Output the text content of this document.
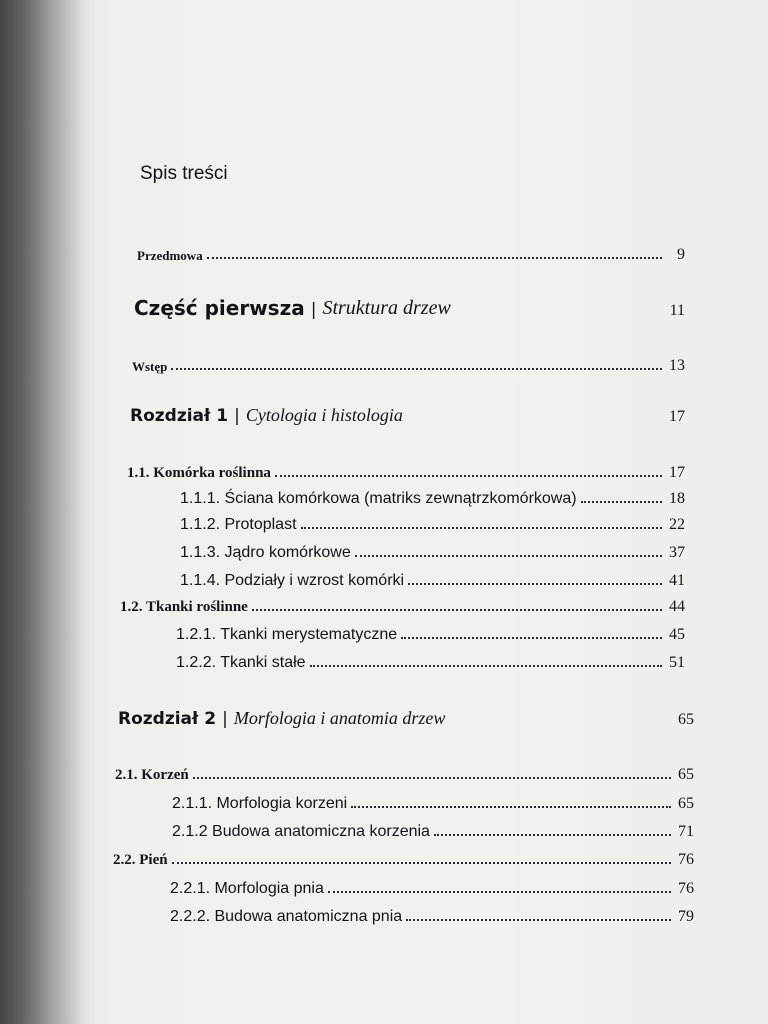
Spis treści
Przedmowa	9
Część pierwsza | Struktura drzew	11
Wstęp	13
Rozdział 1 | Cytologia i histologia	17
1.1. Komórka roślinna	17
1.1.1. Ściana komórkowa (matriks zewnątrzkomórkowa)	18
1.1.2. Protoplast	22
1.1.3. Jądro komórkowe	37
1.1.4. Podziały i wzrost komórki	41
1.2. Tkanki roślinne	44
1.2.1. Tkanki merystematyczne	45
1.2.2. Tkanki stałe	51
Rozdział 2 | Morfologia i anatomia drzew	65
2.1. Korzeń	65
2.1.1. Morfologia korzeni	65
2.1.2 Budowa anatomiczna korzenia	71
2.2. Pień	76
2.2.1. Morfologia pnia	76
2.2.2. Budowa anatomiczna pnia	79
